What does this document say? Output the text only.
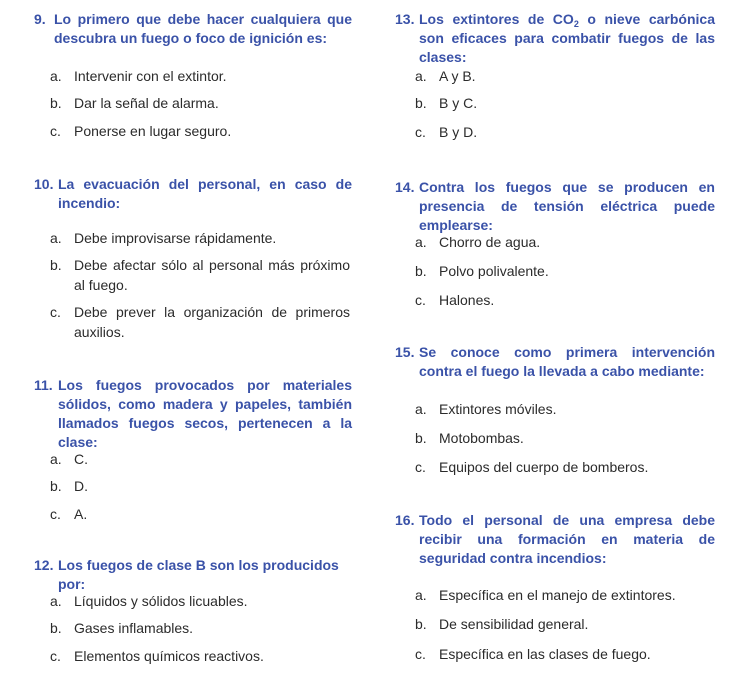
9. Lo primero que debe hacer cualquiera que descubra un fuego o foco de ignición es:
a. Intervenir con el extintor.
b. Dar la señal de alarma.
c. Ponerse en lugar seguro.
10. La evacuación del personal, en caso de incendio:
a. Debe improvisarse rápidamente.
b. Debe afectar sólo al personal más próximo al fuego.
c. Debe prever la organización de primeros auxilios.
11. Los fuegos provocados por materiales sólidos, como madera y papeles, también llamados fuegos secos, pertenecen a la clase:
a. C.
b. D.
c. A.
12. Los fuegos de clase B son los producidos por:
a. Líquidos y sólidos licuables.
b. Gases inflamables.
c. Elementos químicos reactivos.
13. Los extintores de $CO_2$ o nieve carbónica son eficaces para combatir fuegos de las clases:
a. A y B.
b. B y C.
c. B y D.
14. Contra los fuegos que se producen en presencia de tensión eléctrica puede emplearse:
a. Chorro de agua.
b. Polvo polivalente.
c. Halones.
15. Se conoce como primera intervención contra el fuego la llevada a cabo mediante:
a. Extintores móviles.
b. Motobombas.
c. Equipos del cuerpo de bomberos.
16. Todo el personal de una empresa debe recibir una formación en materia de seguridad contra incendios:
a. Específica en el manejo de extintores.
b. De sensibilidad general.
c. Específica en las clases de fuego.
